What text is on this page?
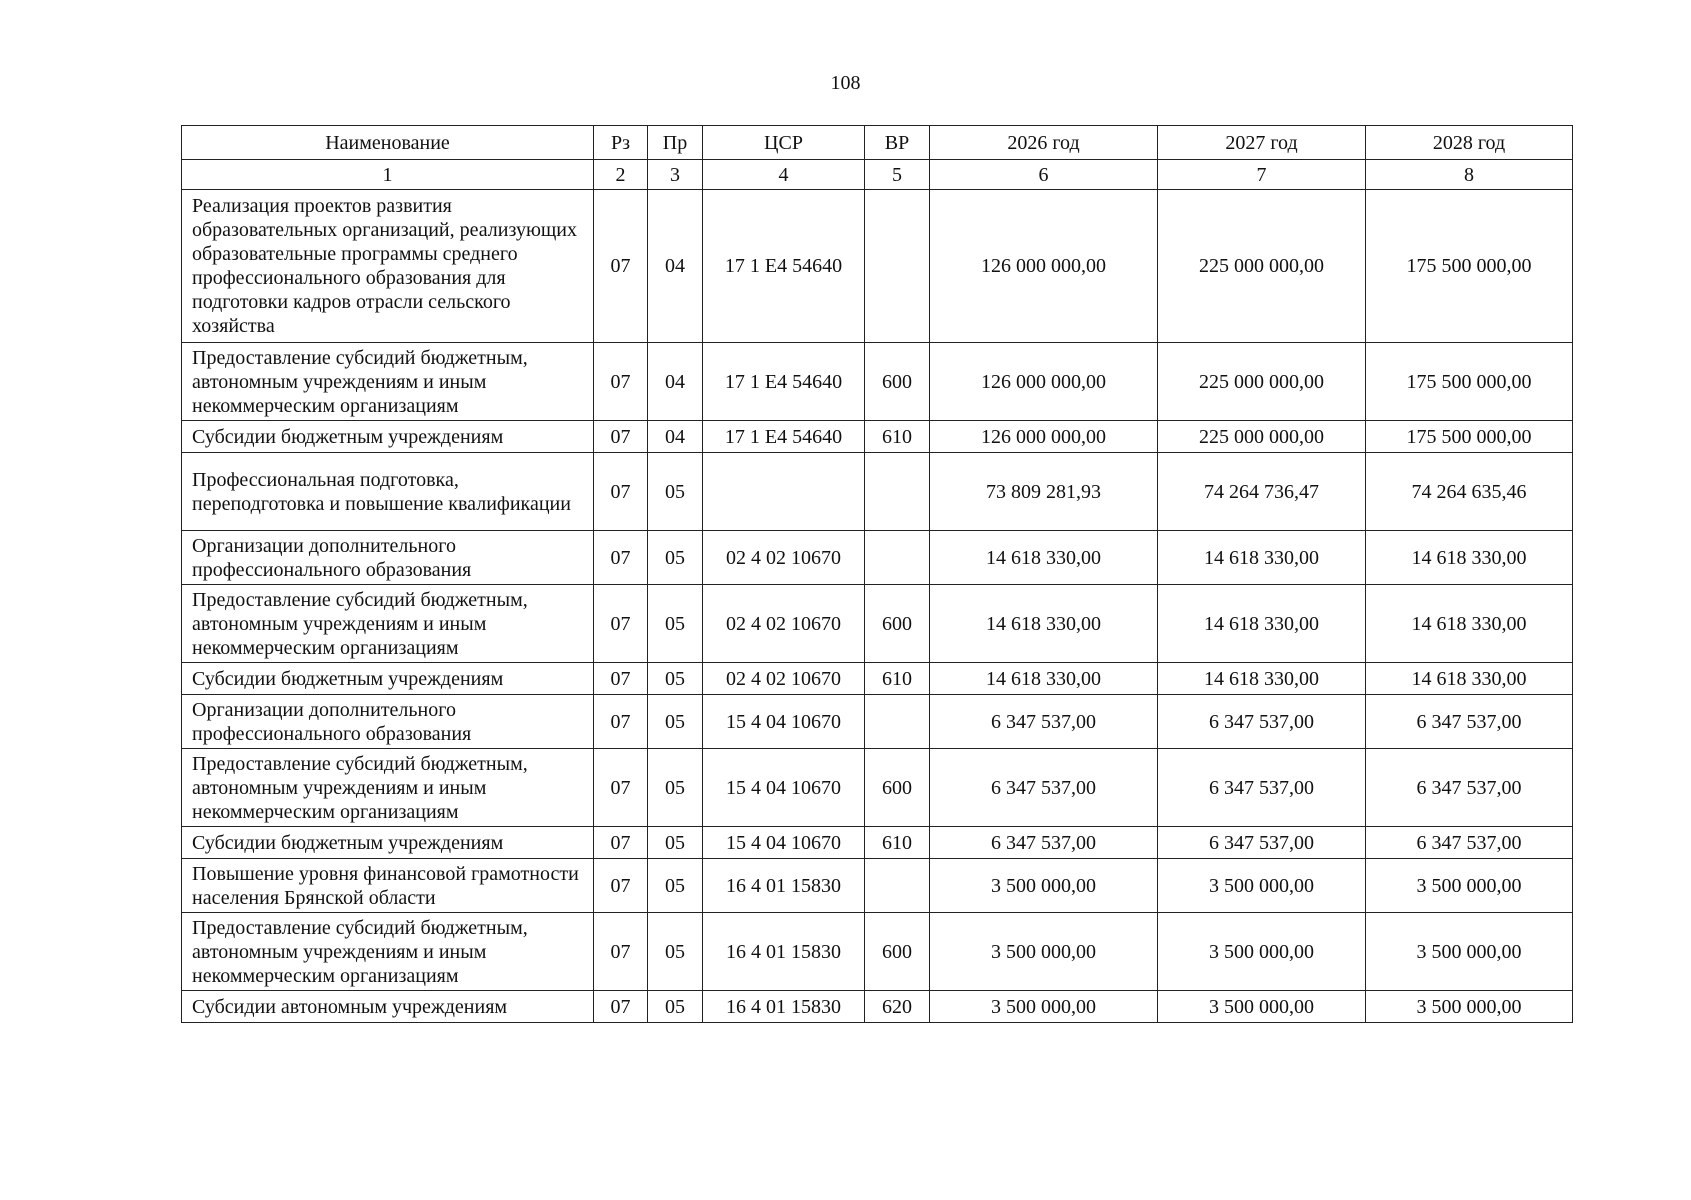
108
Наименование	Рз	Пр	ЦСР	ВР	2026 год	2027 год	2028 год
1	2	3	4	5	6	7	8
Реализация проектов развития образовательных организаций, реализующих образовательные программы среднего профессионального образования для подготовки кадров отрасли сельского хозяйства	07	04	17 1 Е4 54640		126 000 000,00	225 000 000,00	175 500 000,00
Предоставление субсидий бюджетным, автономным учреждениям и иным некоммерческим организациям	07	04	17 1 Е4 54640	600	126 000 000,00	225 000 000,00	175 500 000,00
Субсидии бюджетным учреждениям	07	04	17 1 Е4 54640	610	126 000 000,00	225 000 000,00	175 500 000,00
Профессиональная подготовка, переподготовка и повышение квалификации	07	05			73 809 281,93	74 264 736,47	74 264 635,46
Организации дополнительного профессионального образования	07	05	02 4 02 10670		14 618 330,00	14 618 330,00	14 618 330,00
Предоставление субсидий бюджетным, автономным учреждениям и иным некоммерческим организациям	07	05	02 4 02 10670	600	14 618 330,00	14 618 330,00	14 618 330,00
Субсидии бюджетным учреждениям	07	05	02 4 02 10670	610	14 618 330,00	14 618 330,00	14 618 330,00
Организации дополнительного профессионального образования	07	05	15 4 04 10670		6 347 537,00	6 347 537,00	6 347 537,00
Предоставление субсидий бюджетным, автономным учреждениям и иным некоммерческим организациям	07	05	15 4 04 10670	600	6 347 537,00	6 347 537,00	6 347 537,00
Субсидии бюджетным учреждениям	07	05	15 4 04 10670	610	6 347 537,00	6 347 537,00	6 347 537,00
Повышение уровня финансовой грамотности населения Брянской области	07	05	16 4 01 15830		3 500 000,00	3 500 000,00	3 500 000,00
Предоставление субсидий бюджетным, автономным учреждениям и иным некоммерческим организациям	07	05	16 4 01 15830	600	3 500 000,00	3 500 000,00	3 500 000,00
Субсидии автономным учреждениям	07	05	16 4 01 15830	620	3 500 000,00	3 500 000,00	3 500 000,00
